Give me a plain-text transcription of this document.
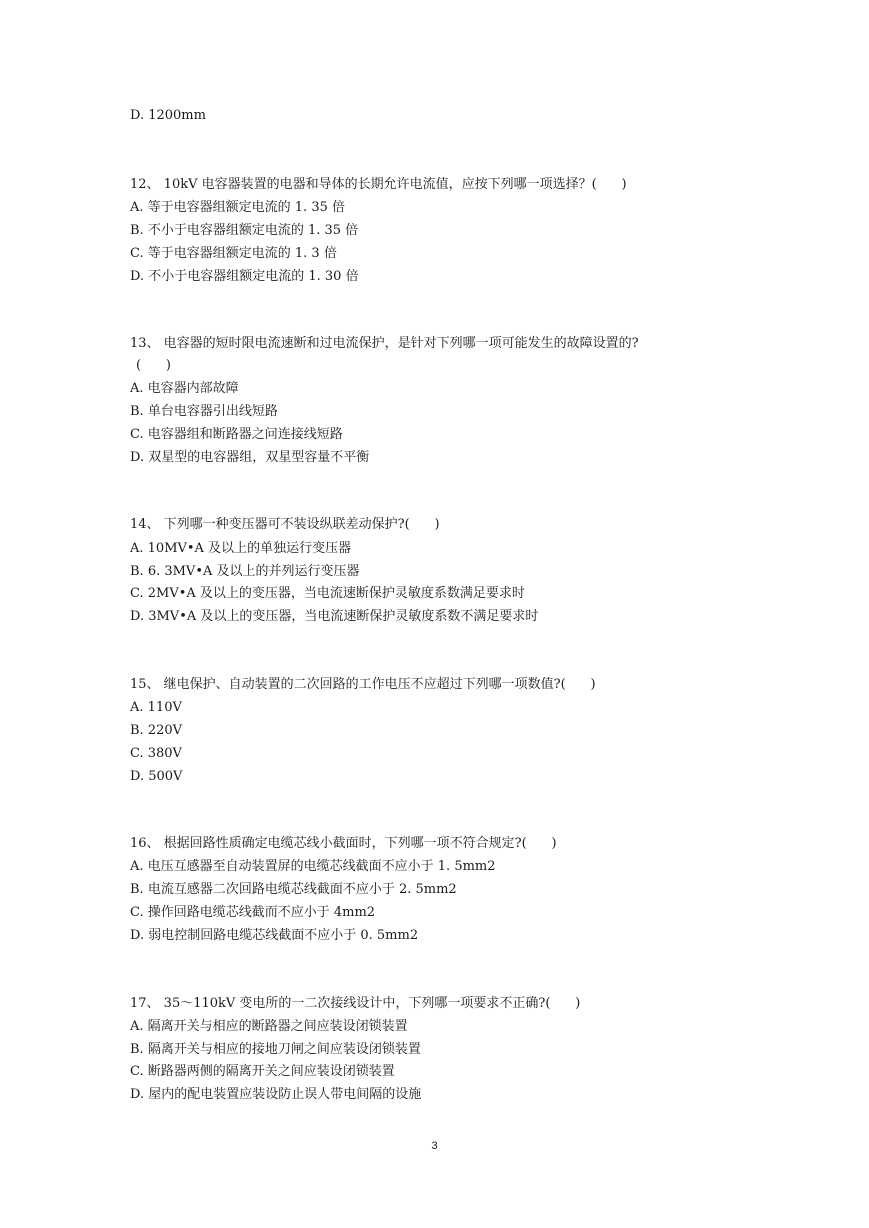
D. 1200mm

12、 10kV 电容器装置的电器和导体的长期允许电流值，应按下列哪一项选择？(      )

A. 等于电容器组额定电流的 1. 35 倍

B. 不小于电容器组额定电流的 1. 35 倍

C. 等于电容器组额定电流的 1. 3 倍

D. 不小于电容器组额定电流的 1. 30 倍

13、 电容器的短时限电流速断和过电流保护，是针对下列哪一项可能发生的故障设置的?

(      )

A. 电容器内部故障

B. 单台电容器引出线短路

C. 电容器组和断路器之问连接线短路

D. 双星型的电容器组，双星型容量不平衡

14、 下列哪一种变压器可不装设纵联差动保护?(      )

A. 10MV•A 及以上的单独运行变压器

B. 6. 3MV•A 及以上的并列运行变压器

C. 2MV•A 及以上的变压器，当电流速断保护灵敏度系数满足要求时

D. 3MV•A 及以上的变压器，当电流速断保护灵敏度系数不满足要求时

15、 继电保护、自动装置的二次回路的工作电压不应超过下列哪一项数值?(      )

A. 110V

B. 220V

C. 380V

D. 500V

16、 根据回路性质确定电缆芯线小截面时，下列哪一项不符合规定?(      )

A. 电压互感器至自动装置屏的电缆芯线截面不应小于 1. 5mm2

B. 电流互感器二次回路电缆芯线截面不应小于 2. 5mm2

C. 操作回路电缆芯线截而不应小于 4mm2

D. 弱电控制回路电缆芯线截面不应小于 0. 5mm2

17、 35～110kV 变电所的一二次接线设计中，下列哪一项要求不正确?(      )

A. 隔离开关与相应的断路器之间应装设闭锁装置

B. 隔离开关与相应的接地刀闸之间应装设闭锁装置

C. 断路器两侧的隔离开关之间应装设闭锁装置

D. 屋内的配电装置应装设防止误人带电间隔的设施

3
